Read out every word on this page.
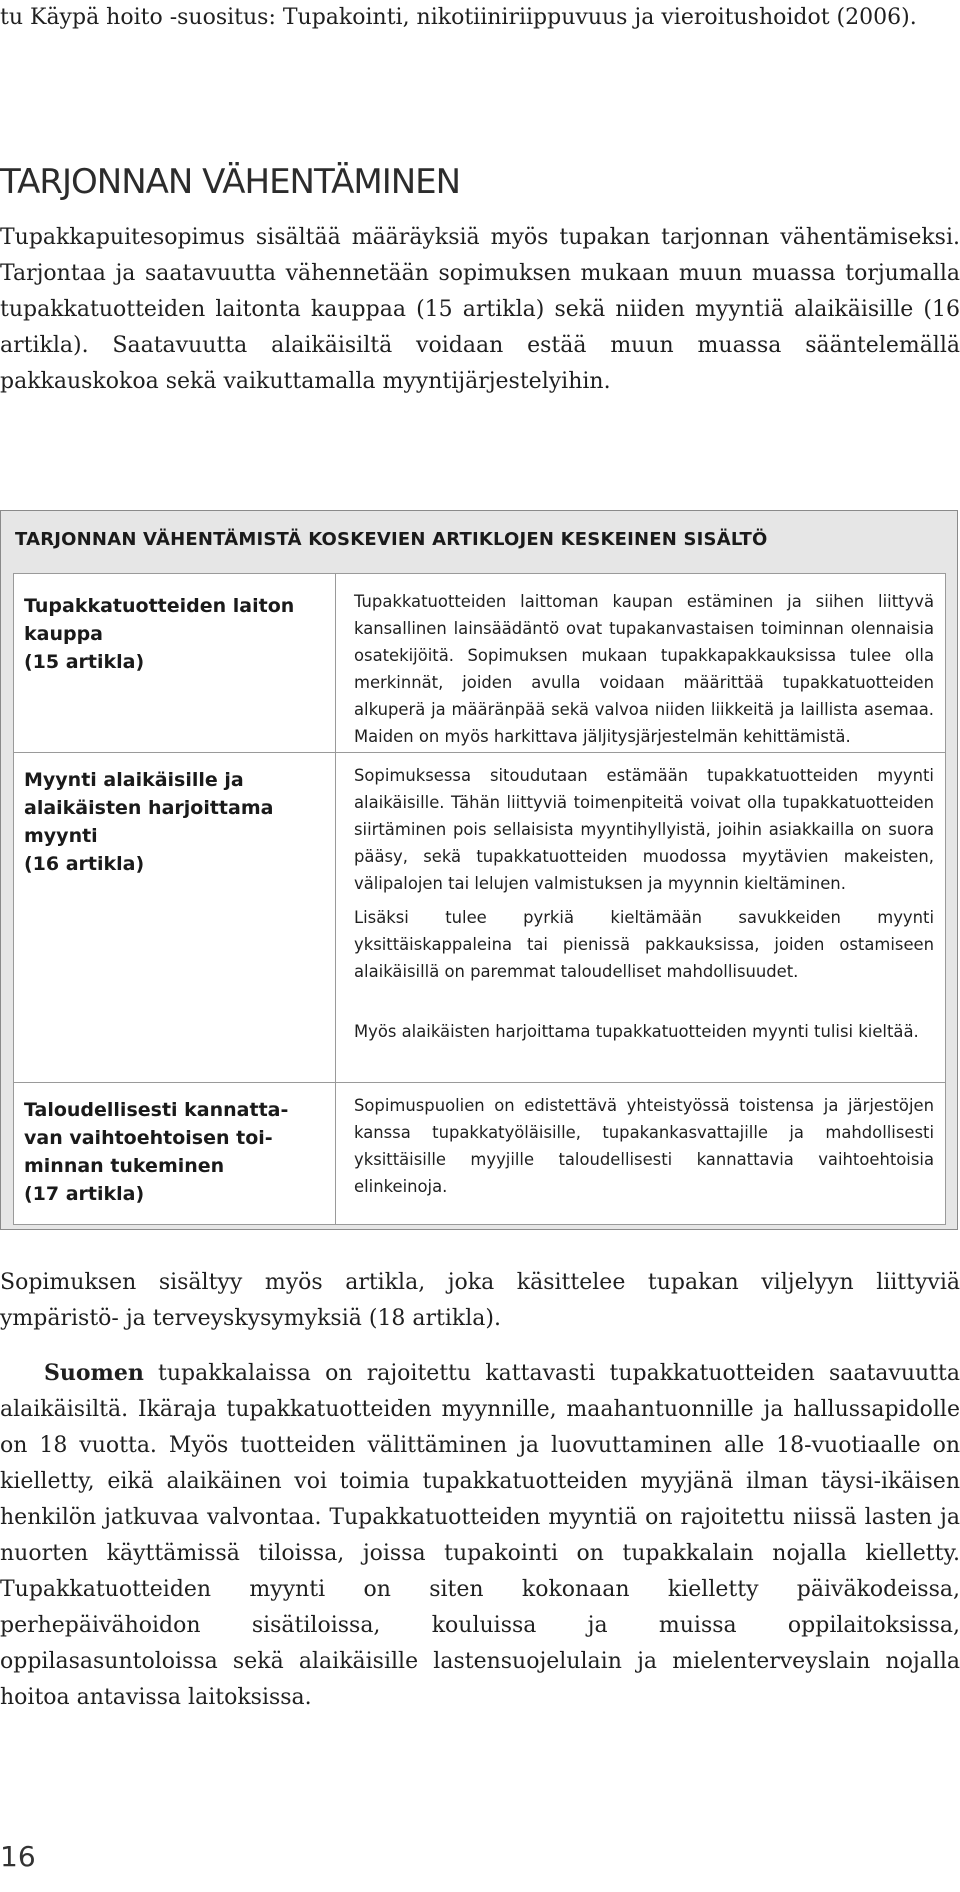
tu Käypä hoito -suositus: Tupakointi, nikotiiniriippuvuus ja vieroitushoidot (2006).

TARJONNAN VÄHENTÄMINEN

Tupakkapuitesopimus sisältää määräyksiä myös tupakan tarjonnan vähentämiseksi. Tarjontaa ja saatavuutta vähennetään sopimuksen mukaan muun muassa torjumalla tupakkatuotteiden laitonta kauppaa (15 artikla) sekä niiden myyntiä alaikäisille (16 artikla). Saatavuutta alaikäisiltä voidaan estää muun muassa sääntelemällä pakkauskokoa sekä vaikuttamalla myyntijärjestelyihin.

TARJONNAN VÄHENTÄMISTÄ KOSKEVIEN ARTIKLOJEN KESKEINEN SISÄLTÖ

Tupakkatuotteiden laiton
kauppa
(15 artikla)

Myynti alaikäisille ja
alaikäisten harjoittama
myynti
(16 artikla)

Taloudellisesti kannatta-
van vaihtoehtoisen toi-
minnan tukeminen
(17 artikla)

Tupakkatuotteiden laittoman kaupan estäminen ja siihen liittyvä kansallinen lainsäädäntö ovat tupakanvastaisen toiminnan olennaisia osatekijöitä. Sopimuksen mukaan tupakkapakkauksissa tulee olla merkinnät, joiden avulla voidaan määrittää tupakkatuotteiden alkuperä ja määränpää sekä valvoa niiden liikkeitä ja laillista asemaa. Maiden on myös harkittava jäljitysjärjestelmän kehittämistä.

Sopimuksessa sitoudutaan estämään tupakkatuotteiden myynti alaikäisille. Tähän liittyviä toimenpiteitä voivat olla tupakkatuotteiden siirtäminen pois sellaisista myyntihyllyistä, joihin asiakkailla on suora pääsy, sekä tupakkatuotteiden muodossa myytävien makeisten, välipalojen tai lelujen valmistuksen ja myynnin kieltäminen.

Lisäksi tulee pyrkiä kieltämään savukkeiden myynti yksittäiskappaleina tai pienissä pakkauksissa, joiden ostamiseen alaikäisillä on paremmat taloudelliset mahdollisuudet.

Myös alaikäisten harjoittama tupakkatuotteiden myynti tulisi kieltää.

Sopimuspuolien on edistettävä yhteistyössä toistensa ja järjestöjen kanssa tupakkatyöläisille, tupakankasvattajille ja mahdollisesti yksittäisille myyjille taloudellisesti kannattavia vaihtoehtoisia elinkeinoja.

Sopimuksen sisältyy myös artikla, joka käsittelee tupakan viljelyyn liittyviä ympäristö- ja terveyskysymyksiä (18 artikla).

Suomen tupakkalaissa on rajoitettu kattavasti tupakkatuotteiden saatavuutta alaikäisiltä. Ikäraja tupakkatuotteiden myynnille, maahantuonnille ja hallussapidolle on 18 vuotta. Myös tuotteiden välittäminen ja luovuttaminen alle 18-vuotiaalle on kielletty, eikä alaikäinen voi toimia tupakkatuotteiden myyjänä ilman täysi-ikäisen henkilön jatkuvaa valvontaa. Tupakkatuotteiden myyntiä on rajoitettu niissä lasten ja nuorten käyttämissä tiloissa, joissa tupakointi on tupakkalain nojalla kielletty. Tupakkatuotteiden myynti on siten kokonaan kielletty päiväkodeissa, perhepäivähoidon sisätiloissa, kouluissa ja muissa oppilaitoksissa, oppilasasuntoloissa sekä alaikäisille lastensuojelulain ja mielenterveyslain nojalla hoitoa antavissa laitoksissa.

16
